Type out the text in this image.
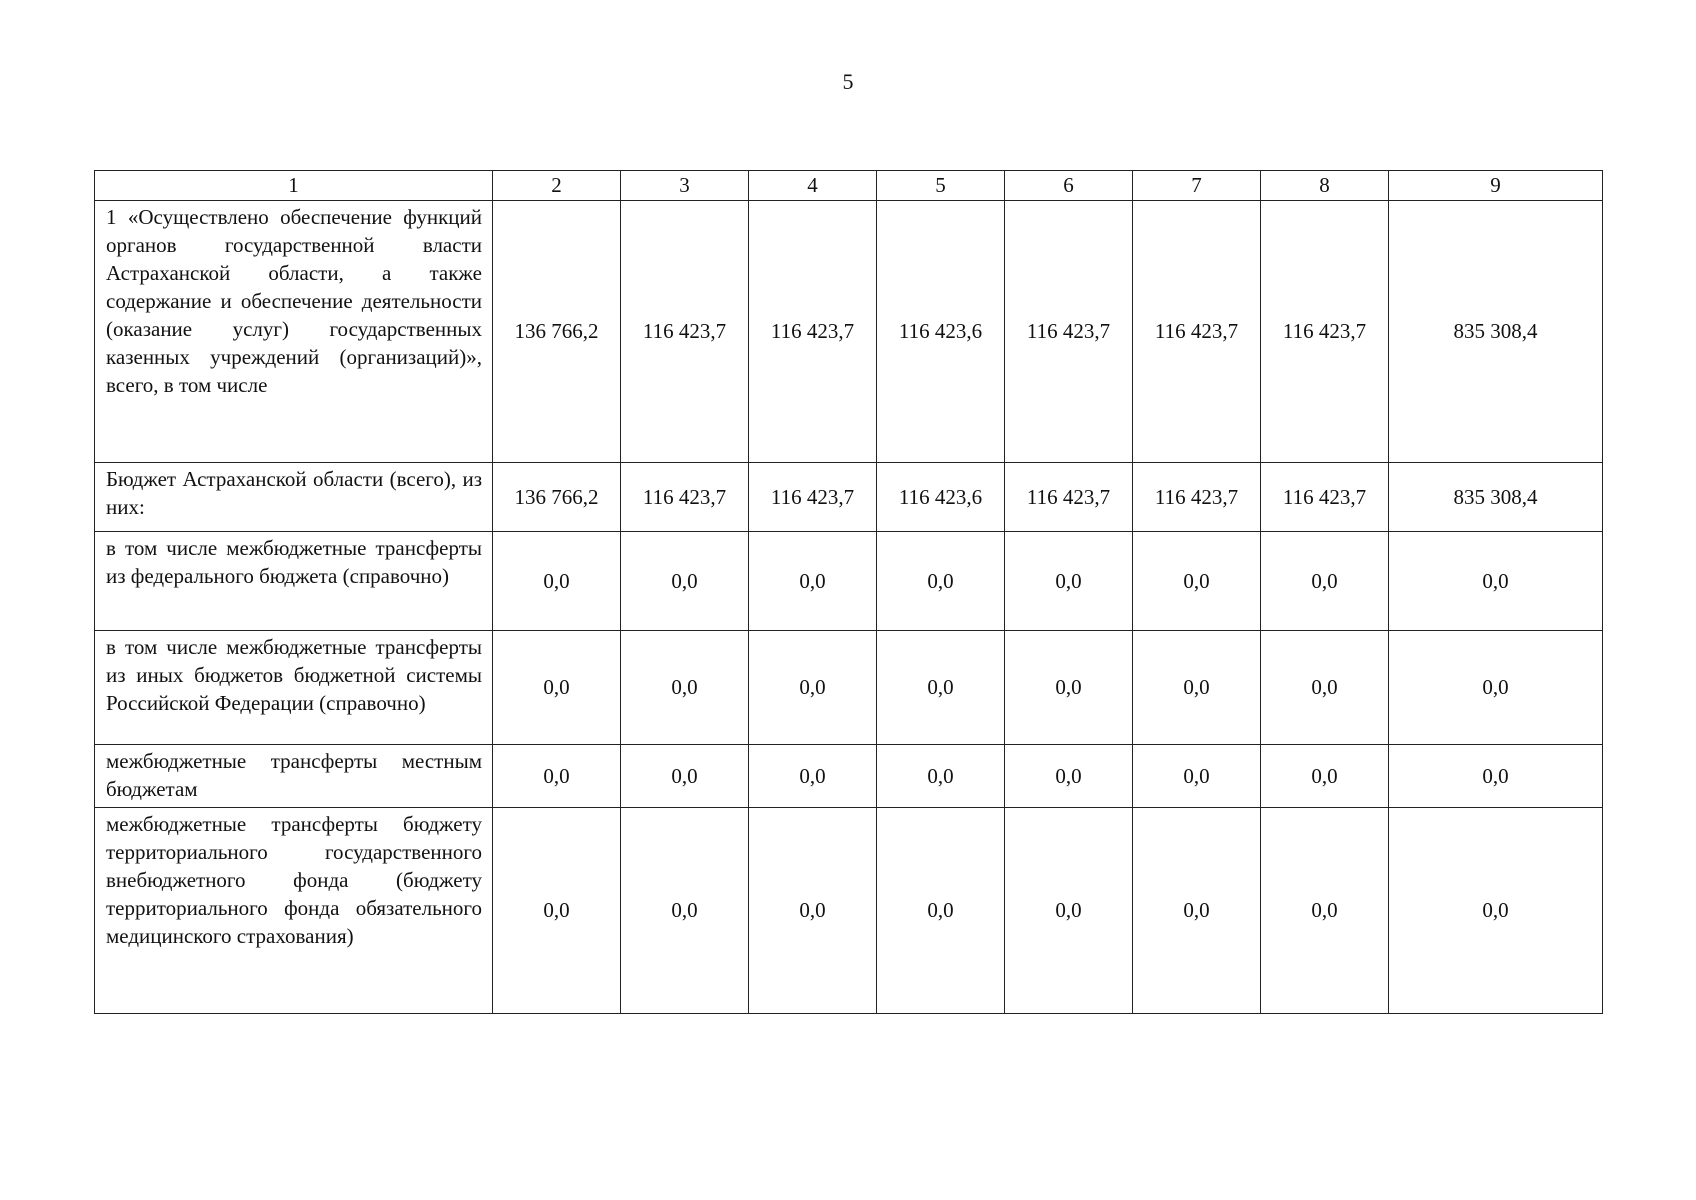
5
1	2	3	4	5	6	7	8	9
1 «Осуществлено обеспечение функций органов государственной власти Астраханской области, а также содержание и обеспечение деятельности (оказание услуг) государственных казенных учреждений (организаций)», всего, в том числе	136 766,2	116 423,7	116 423,7	116 423,6	116 423,7	116 423,7	116 423,7	835 308,4
Бюджет Астраханской области (всего), из них:	136 766,2	116 423,7	116 423,7	116 423,6	116 423,7	116 423,7	116 423,7	835 308,4
в том числе межбюджетные трансферты из федерального бюджета (справочно)	0,0	0,0	0,0	0,0	0,0	0,0	0,0	0,0
в том числе межбюджетные трансферты из иных бюджетов бюджетной системы Российской Федерации (справочно)	0,0	0,0	0,0	0,0	0,0	0,0	0,0	0,0
межбюджетные трансферты местным бюджетам	0,0	0,0	0,0	0,0	0,0	0,0	0,0	0,0
межбюджетные трансферты бюджету территориального государственного внебюджетного фонда (бюджету территориального фонда обязательного медицинского страхования)	0,0	0,0	0,0	0,0	0,0	0,0	0,0	0,0
